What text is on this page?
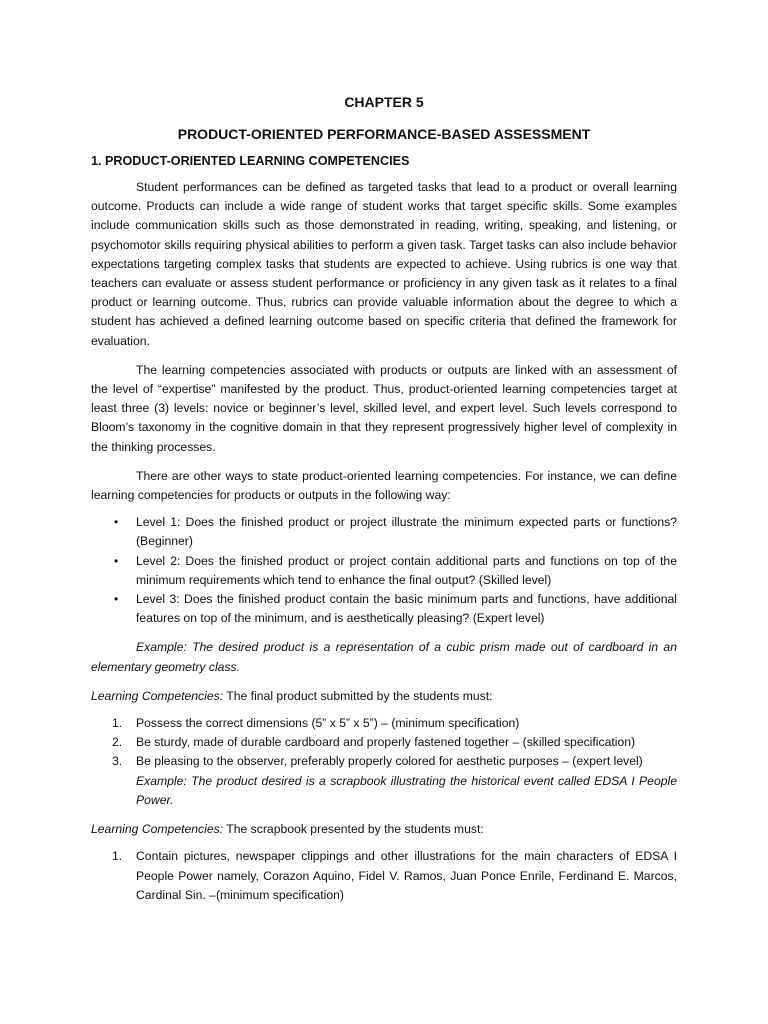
CHAPTER 5
PRODUCT-ORIENTED PERFORMANCE-BASED ASSESSMENT
1. PRODUCT-ORIENTED LEARNING COMPETENCIES

Student performances can be defined as targeted tasks that lead to a product or overall learning outcome. Products can include a wide range of student works that target specific skills. Some examples include communication skills such as those demonstrated in reading, writing, speaking, and listening, or psychomotor skills requiring physical abilities to perform a given task. Target tasks can also include behavior expectations targeting complex tasks that students are expected to achieve. Using rubrics is one way that teachers can evaluate or assess student performance or proficiency in any given task as it relates to a final product or learning outcome. Thus, rubrics can provide valuable information about the degree to which a student has achieved a defined learning outcome based on specific criteria that defined the framework for evaluation.

The learning competencies associated with products or outputs are linked with an assessment of the level of “expertise” manifested by the product. Thus, product-oriented learning competencies target at least three (3) levels: novice or beginner’s level, skilled level, and expert level. Such levels correspond to Bloom’s taxonomy in the cognitive domain in that they represent progressively higher level of complexity in the thinking processes.

There are other ways to state product-oriented learning competencies. For instance, we can define learning competencies for products or outputs in the following way:

• Level 1: Does the finished product or project illustrate the minimum expected parts or functions? (Beginner)
• Level 2: Does the finished product or project contain additional parts and functions on top of the minimum requirements which tend to enhance the final output? (Skilled level)
• Level 3: Does the finished product contain the basic minimum parts and functions, have additional features on top of the minimum, and is aesthetically pleasing? (Expert level)

Example: The desired product is a representation of a cubic prism made out of cardboard in an elementary geometry class.

Learning Competencies: The final product submitted by the students must:

1. Possess the correct dimensions (5” x 5” x 5”) – (minimum specification)
2. Be sturdy, made of durable cardboard and properly fastened together – (skilled specification)
3. Be pleasing to the observer, preferably properly colored for aesthetic purposes – (expert level)
Example: The product desired is a scrapbook illustrating the historical event called EDSA I People Power.

Learning Competencies: The scrapbook presented by the students must:

1. Contain pictures, newspaper clippings and other illustrations for the main characters of EDSA I People Power namely, Corazon Aquino, Fidel V. Ramos, Juan Ponce Enrile, Ferdinand E. Marcos, Cardinal Sin. –(minimum specification)
